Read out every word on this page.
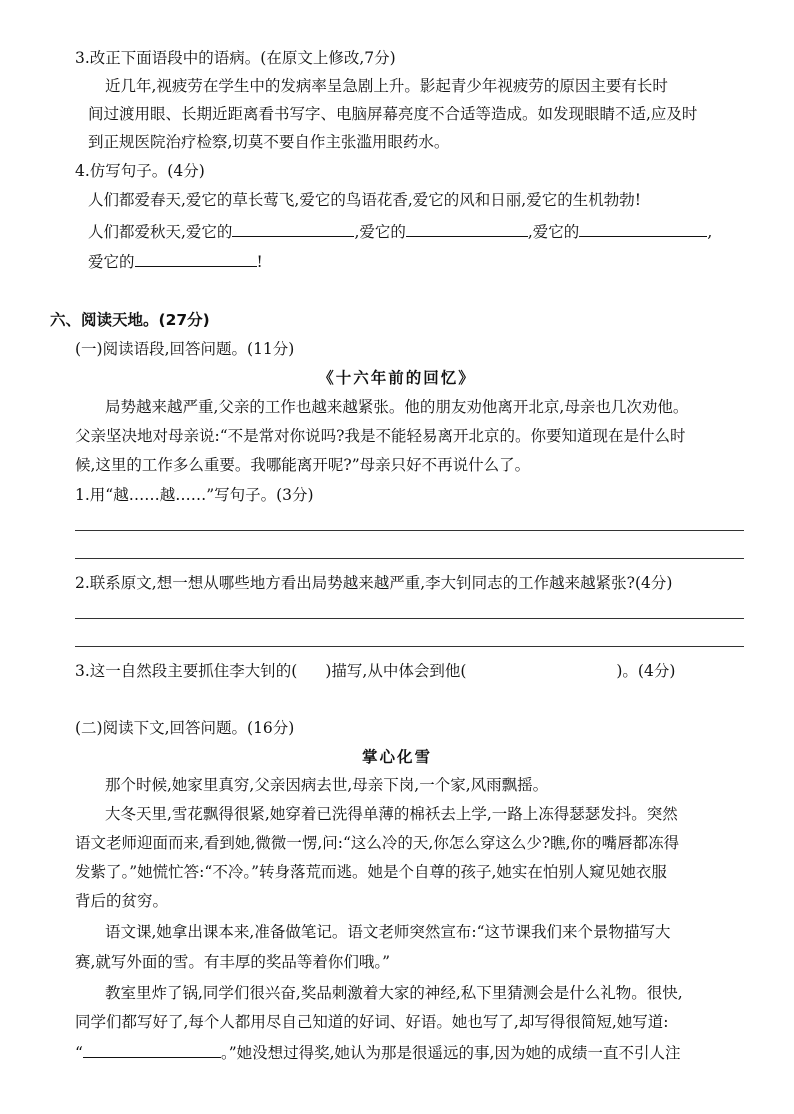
3.改正下面语段中的语病。(在原文上修改,7分)
近几年,视疲劳在学生中的发病率呈急剧上升。影起青少年视疲劳的原因主要有长时
间过渡用眼、长期近距离看书写字、电脑屏幕亮度不合适等造成。如发现眼睛不适,应及时
到正规医院治疗检察,切莫不要自作主张滥用眼药水。
4.仿写句子。(4分)
人们都爱春天,爱它的草长莺飞,爱它的鸟语花香,爱它的风和日丽,爱它的生机勃勃!
人们都爱秋天,爱它的	,爱它的	,爱它的	,
爱它的	!
六、阅读天地。(27分)
(一)阅读语段,回答问题。(11分)
《十六年前的回忆》
局势越来越严重,父亲的工作也越来越紧张。他的朋友劝他离开北京,母亲也几次劝他。
父亲坚决地对母亲说:“不是常对你说吗?我是不能轻易离开北京的。你要知道现在是什么时
候,这里的工作多么重要。我哪能离开呢?”母亲只好不再说什么了。
1.用“越……越……”写句子。(3分)
2.联系原文,想一想从哪些地方看出局势越来越严重,李大钊同志的工作越来越紧张?(4分)
3.这一自然段主要抓住李大钊的( )描写,从中体会到他(	)。(4分)
(二)阅读下文,回答问题。(16分)
掌心化雪
那个时候,她家里真穷,父亲因病去世,母亲下岗,一个家,风雨飘摇。
大冬天里,雪花飘得很紧,她穿着已洗得单薄的棉袄去上学,一路上冻得瑟瑟发抖。突然
语文老师迎面而来,看到她,微微一愣,问:“这么冷的天,你怎么穿这么少?瞧,你的嘴唇都冻得
发紫了。”她慌忙答:“不冷。”转身落荒而逃。她是个自尊的孩子,她实在怕别人窥见她衣服
背后的贫穷。
语文课,她拿出课本来,准备做笔记。语文老师突然宣布:“这节课我们来个景物描写大
赛,就写外面的雪。有丰厚的奖品等着你们哦。”
教室里炸了锅,同学们很兴奋,奖品刺激着大家的神经,私下里猜测会是什么礼物。很快,
同学们都写好了,每个人都用尽自己知道的好词、好语。她也写了,却写得很简短,她写道:
“	。”她没想过得奖,她认为那是很遥远的事,因为她的成绩一直不引人注
